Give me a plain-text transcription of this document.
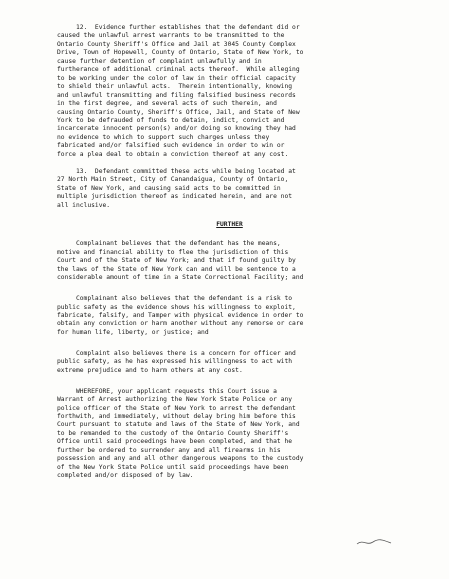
12.  Evidence further establishes that the defendant did or
caused the unlawful arrest warrants to be transmitted to the
Ontario County Sheriff's Office and Jail at 3045 County Complex
Drive, Town of Hopewell, County of Ontario, State of New York, to
cause further detention of complaint unlawfully and in
furtherance of additional criminal acts thereof.  While alleging
to be working under the color of law in their official capacity
to shield their unlawful acts.  Therein intentionally, knowing
and unlawful transmitting and filing falsified business records
in the first degree, and several acts of such therein, and
causing Ontario County, Sheriff's Office, Jail, and State of New
York to be defrauded of funds to detain, indict, convict and
incarcerate innocent person(s) and/or doing so knowing they had
no evidence to which to support such charges unless they
fabricated and/or falsified such evidence in order to win or
force a plea deal to obtain a conviction thereof at any cost.
13.  Defendant committed these acts while being located at
27 North Main Street, City of Canandaigua, County of Ontario,
State of New York, and causing said acts to be committed in
multiple jurisdiction thereof as indicated herein, and are not
all inclusive.
FURTHER
Complainant believes that the defendant has the means,
motive and financial ability to flee the jurisdiction of this
Court and of the State of New York; and that if found guilty by
the laws of the State of New York can and will be sentence to a
considerable amount of time in a State Correctional Facility; and
Complainant also believes that the defendant is a risk to
public safety as the evidence shows his willingness to exploit,
fabricate, falsify, and Tamper with physical evidence in order to
obtain any conviction or harm another without any remorse or care
for human life, liberty, or justice; and
Complaint also believes there is a concern for officer and
public safety, as he has expressed his willingness to act with
extreme prejudice and to harm others at any cost.
WHEREFORE, your applicant requests this Court issue a
Warrant of Arrest authorizing the New York State Police or any
police officer of the State of New York to arrest the defendant
forthwith, and immediately, without delay bring him before this
Court pursuant to statute and laws of the State of New York, and
to be remanded to the custody of the Ontario County Sheriff's
Office until said proceedings have been completed, and that he
further be ordered to surrender any and all firearms in his
possession and any and all other dangerous weapons to the custody
of the New York State Police until said proceedings have been
completed and/or disposed of by law.
